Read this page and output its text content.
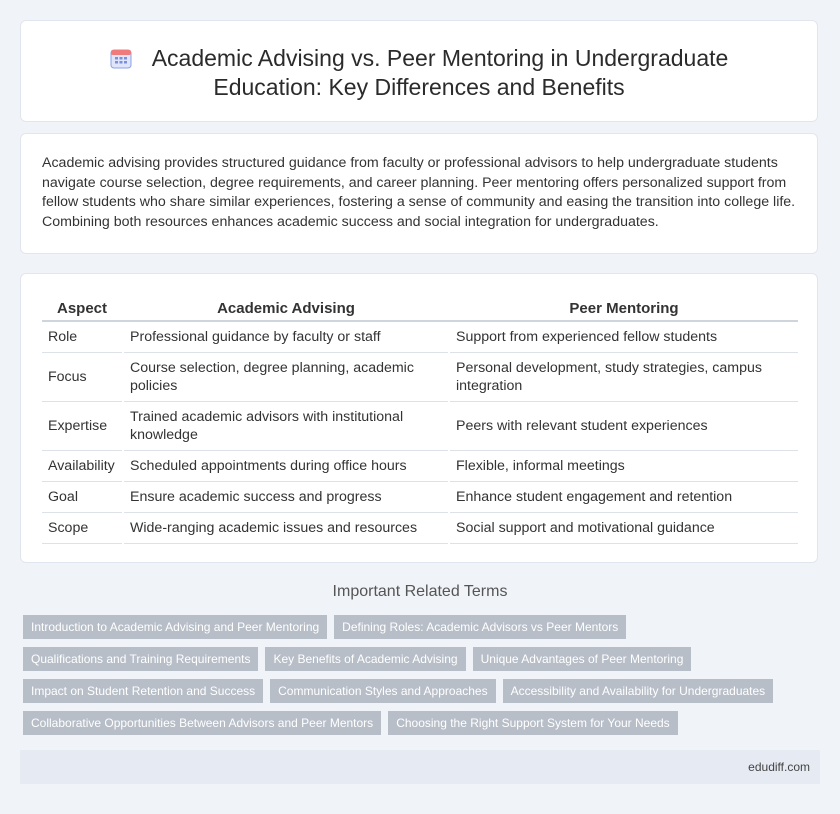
Academic Advising vs. Peer Mentoring in Undergraduate
Education: Key Differences and Benefits
Academic advising provides structured guidance from faculty or professional advisors to help undergraduate students navigate course selection, degree requirements, and career planning. Peer mentoring offers personalized support from fellow students who share similar experiences, fostering a sense of community and easing the transition into college life. Combining both resources enhances academic success and social integration for undergraduates.
Aspect	Academic Advising	Peer Mentoring
Role	Professional guidance by faculty or staff	Support from experienced fellow students
Focus	Course selection, degree planning, academic policies	Personal development, study strategies, campus integration
Expertise	Trained academic advisors with institutional knowledge	Peers with relevant student experiences
Availability	Scheduled appointments during office hours	Flexible, informal meetings
Goal	Ensure academic success and progress	Enhance student engagement and retention
Scope	Wide-ranging academic issues and resources	Social support and motivational guidance
Important Related Terms
Introduction to Academic Advising and Peer Mentoring	Defining Roles: Academic Advisors vs Peer Mentors
Qualifications and Training Requirements	Key Benefits of Academic Advising	Unique Advantages of Peer Mentoring
Impact on Student Retention and Success	Communication Styles and Approaches	Accessibility and Availability for Undergraduates
Collaborative Opportunities Between Advisors and Peer Mentors	Choosing the Right Support System for Your Needs
edudiff.com
